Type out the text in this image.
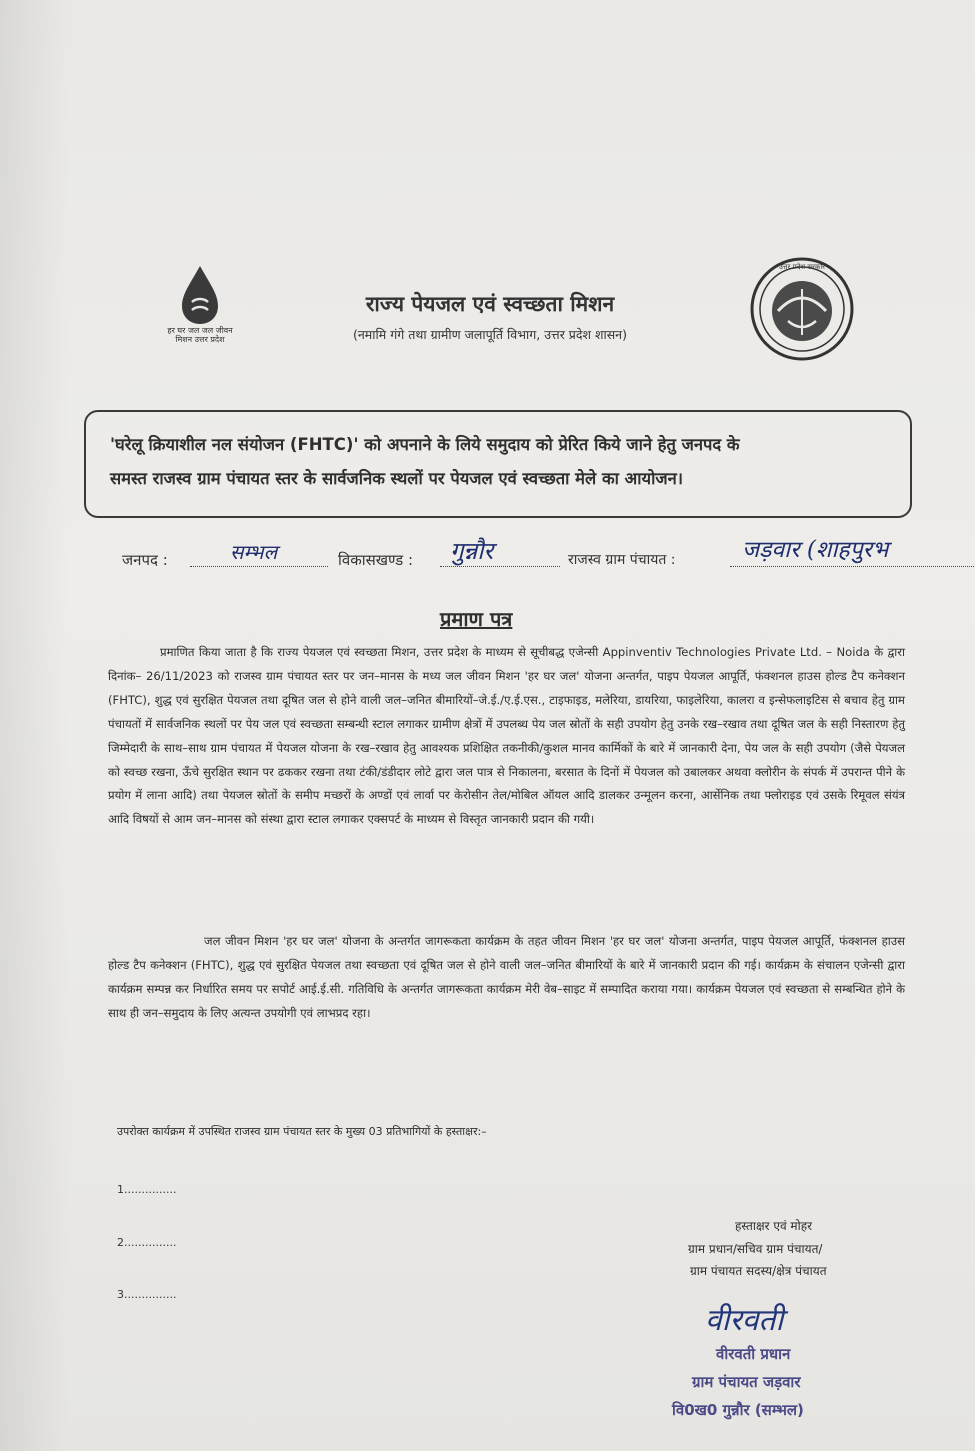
हर घर जल जल जीवन मिशन उत्तर प्रदेश
राज्य पेयजल एवं स्वच्छता मिशन
(नमामि गंगे तथा ग्रामीण जलापूर्ति विभाग, उत्तर प्रदेश शासन)
उत्तर प्रदेश सरकार

'घरेलू क्रियाशील नल संयोजन (FHTC)' को अपनाने के लिये समुदाय को प्रेरित किये जाने हेतु जनपद के

समस्त राजस्व ग्राम पंचायत स्तर के सार्वजनिक स्थलों पर पेयजल एवं स्वच्छता मेले का आयोजन।

जनपद :	सम्भल	विकासखण्ड : गुन्नौर	राजस्व ग्राम पंचायत :	जड़वार (शाहपुरभ
प्रमाण पत्र
प्रमाणित किया जाता है कि राज्य पेयजल एवं स्वच्छता मिशन, उत्तर प्रदेश के माध्यम से सूचीबद्ध एजेन्सी Appinventiv Technologies Private Ltd. – Noida के द्वारा दिनांक– 26/11/2023 को राजस्व ग्राम पंचायत स्तर पर जन–मानस के मध्य जल जीवन मिशन 'हर घर जल' योजना अन्तर्गत, पाइप पेयजल आपूर्ति, फंक्शनल हाउस होल्ड टैप कनेक्शन (FHTC), शुद्ध एवं सुरक्षित पेयजल तथा दूषित जल से होने वाली जल–जनित बीमारियों–जे.ई./ए.ई.एस., टाइफाइड, मलेरिया, डायरिया, फाइलेरिया, कालरा व इन्सेफलाइटिस से बचाव हेतु ग्राम पंचायतों में सार्वजनिक स्थलों पर पेय जल एवं स्वच्छता सम्बन्धी स्टाल लगाकर ग्रामीण क्षेत्रों में उपलब्ध पेय जल स्रोतों के सही उपयोग हेतु उनके रख–रखाव तथा दूषित जल के सही निस्तारण हेतु जिम्मेदारी के साथ–साथ ग्राम पंचायत में पेयजल योजना के रख–रखाव हेतु आवश्यक प्रशिक्षित तकनीकी/कुशल मानव कार्मिकों के बारे में जानकारी देना, पेय जल के सही उपयोग (जैसे पेयजल को स्वच्छ रखना, ऊँचे सुरक्षित स्थान पर ढककर रखना तथा टंकी/डंडीदार लोटे द्वारा जल पात्र से निकालना, बरसात के दिनों में पेयजल को उबालकर अथवा क्लोरीन के संपर्क में उपरान्त पीने के प्रयोग में लाना आदि) तथा पेयजल स्रोतों के समीप मच्छरों के अण्डों एवं लार्वा पर केरोसीन तेल/मोबिल ऑयल आदि डालकर उन्मूलन करना, आर्सेनिक तथा फ्लोराइड एवं उसके रिमूवल संयंत्र आदि विषयों से आम जन–मानस को संस्था द्वारा स्टाल लगाकर एक्सपर्ट के माध्यम से विस्तृत जानकारी प्रदान की गयी।
जल जीवन मिशन 'हर घर जल' योजना के अन्तर्गत जागरूकता कार्यक्रम के तहत जीवन मिशन 'हर घर जल' योजना अन्तर्गत, पाइप पेयजल आपूर्ति, फंक्शनल हाउस होल्ड टैप कनेक्शन (FHTC), शुद्ध एवं सुरक्षित पेयजल तथा स्वच्छता एवं दूषित जल से होने वाली जल–जनित बीमारियों के बारे में जानकारी प्रदान की गई। कार्यक्रम के संचालन एजेन्सी द्वारा कार्यक्रम सम्पन्न कर निर्धारित समय पर सपोर्ट आई.ई.सी. गतिविधि के अन्तर्गत जागरूकता कार्यक्रम मेरी वेब–साइट में सम्पादित कराया गया। कार्यक्रम पेयजल एवं स्वच्छता से सम्बन्धित होने के साथ ही जन–समुदाय के लिए अत्यन्त उपयोगी एवं लाभप्रद रहा।
उपरोक्त कार्यक्रम में उपस्थित राजस्व ग्राम पंचायत स्तर के मुख्य 03 प्रतिभागियों के हस्ताक्षर:–
1...............
2...............
3...............
हस्ताक्षर एवं मोहर
ग्राम प्रधान/सचिव ग्राम पंचायत/
ग्राम पंचायत सदस्य/क्षेत्र पंचायत
वीरवती
वीरवती प्रधान
ग्राम पंचायत जड़वार
वि0ख0 गुन्नौर (सम्भल)
